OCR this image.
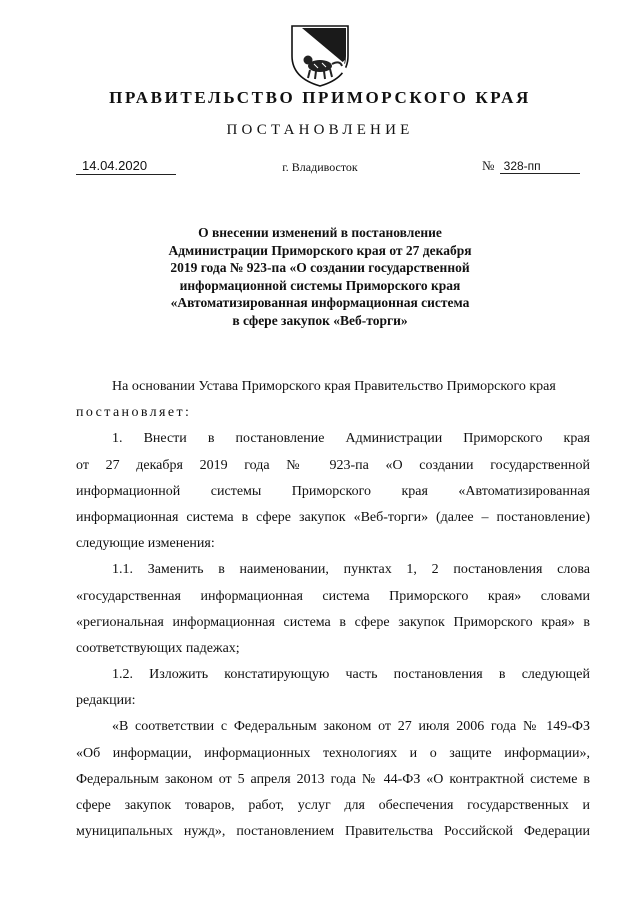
ПРАВИТЕЛЬСТВО ПРИМОРСКОГО КРАЯ
ПОСТАНОВЛЕНИЕ
14.04.2020	г. Владивосток	№ 328-пп
О внесении изменений в постановление
Администрации Приморского края от 27 декабря
2019 года № 923-па «О создании государственной
информационной системы Приморского края
«Автоматизированная информационная система
в сфере закупок «Веб-торги»
На основании Устава Приморского края Правительство Приморского края
постановляет:
1. Внести в постановление Администрации Приморского края
от 27 декабря 2019 года № 923-па «О создании государственной
информационной системы Приморского края «Автоматизированная
информационная система в сфере закупок «Веб-торги» (далее – постановление)
следующие изменения:
1.1. Заменить в наименовании, пунктах 1, 2 постановления слова
«государственная информационная система Приморского края» словами
«региональная информационная система в сфере закупок Приморского края» в
соответствующих падежах;
1.2. Изложить констатирующую часть постановления в следующей
редакции:
«В соответствии с Федеральным законом от 27 июля 2006 года № 149-ФЗ
«Об информации, информационных технологиях и о защите информации»,
Федеральным законом от 5 апреля 2013 года № 44-ФЗ «О контрактной системе в
сфере закупок товаров, работ, услуг для обеспечения государственных и
муниципальных нужд», постановлением Правительства Российской Федерации
